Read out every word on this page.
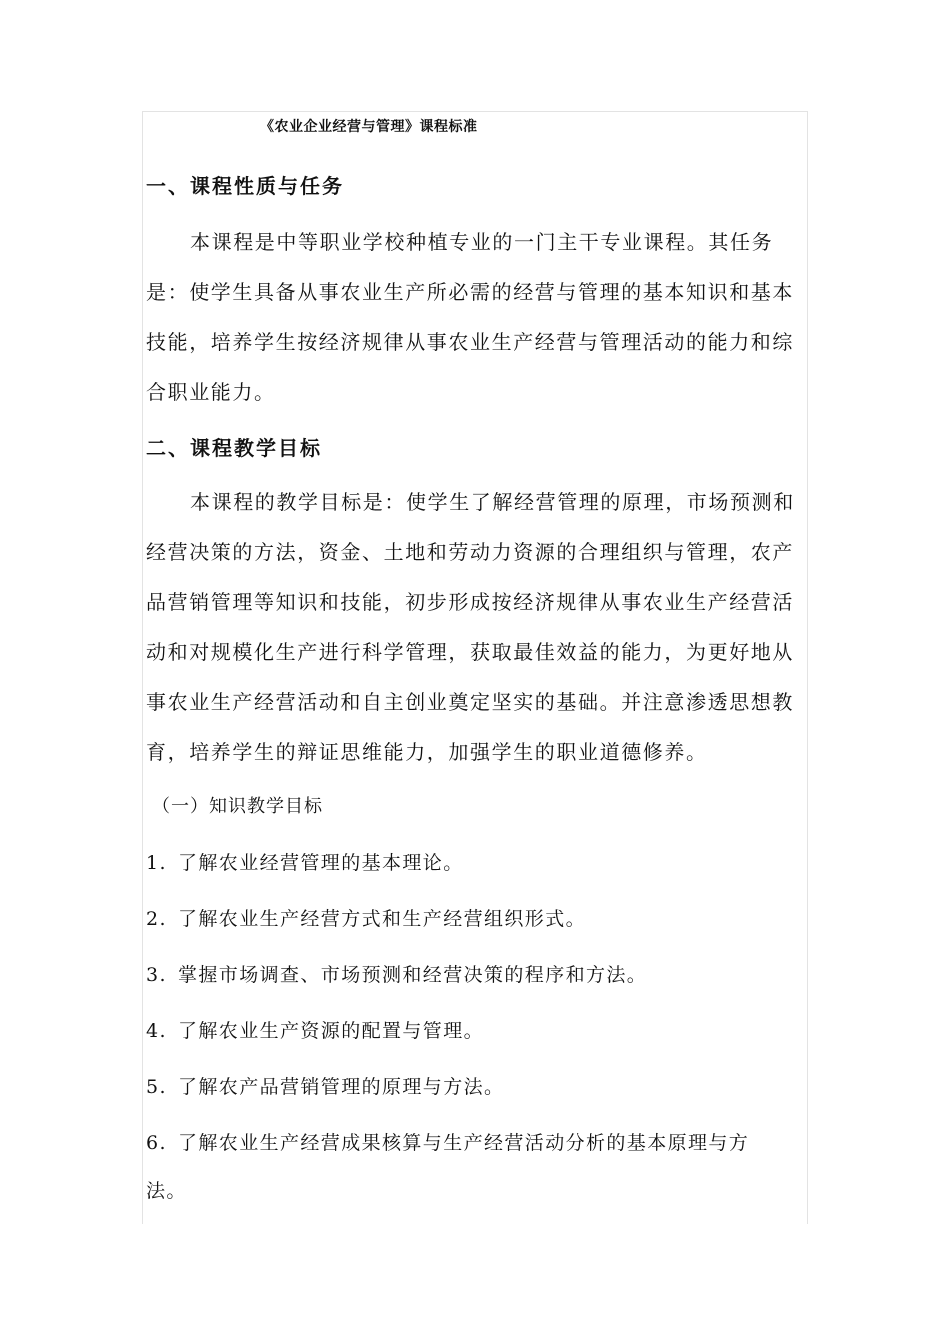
《农业企业经营与管理》课程标准
一、课程性质与任务
本课程是中等职业学校种植专业的一门主干专业课程。其任务
是：使学生具备从事农业生产所必需的经营与管理的基本知识和基本
技能，培养学生按经济规律从事农业生产经营与管理活动的能力和综
合职业能力。
二、课程教学目标
本课程的教学目标是：使学生了解经营管理的原理，市场预测和
经营决策的方法，资金、土地和劳动力资源的合理组织与管理，农产
品营销管理等知识和技能，初步形成按经济规律从事农业生产经营活
动和对规模化生产进行科学管理，获取最佳效益的能力，为更好地从
事农业生产经营活动和自主创业奠定坚实的基础。并注意渗透思想教
育，培养学生的辩证思维能力，加强学生的职业道德修养。
（一）知识教学目标
1. 了解农业经营管理的基本理论。
2. 了解农业生产经营方式和生产经营组织形式。
3. 掌握市场调查、市场预测和经营决策的程序和方法。
4. 了解农业生产资源的配置与管理。
5. 了解农产品营销管理的原理与方法。
6. 了解农业生产经营成果核算与生产经营活动分析的基本原理与方
法。
